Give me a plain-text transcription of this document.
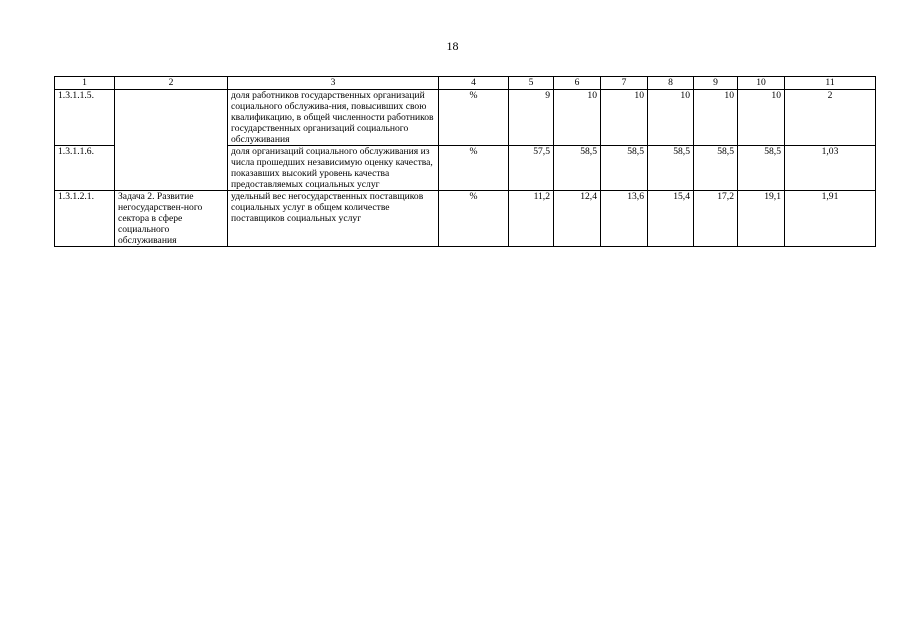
18
1	2	3	4	5	6	7	8	9	10	11
1.3.1.1.5.		доля работников государственных организаций социального обслужива-ния, повысивших свою квалификацию, в общей численности работников государственных организаций социального обслуживания	%	9	10	10	10	10	10	2
1.3.1.1.6.		доля организаций социального обслуживания из числа прошедших независимую оценку качества, показавших высокий уровень качества предоставляемых социальных услуг	%	57,5	58,5	58,5	58,5	58,5	58,5	1,03
1.3.1.2.1.	Задача 2. Развитие негосударствен-ного сектора в сфере социального обслуживания	удельный вес негосударственных поставщиков социальных услуг в общем количестве поставщиков социальных услуг	%	11,2	12,4	13,6	15,4	17,2	19,1	1,91
